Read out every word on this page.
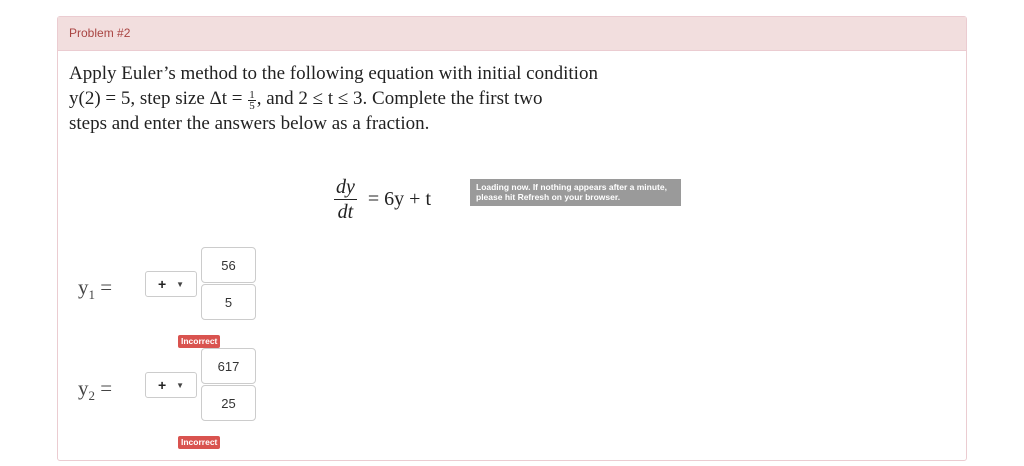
Problem #2
Apply Euler’s method to the following equation with initial condition
y(2) = 5, step size $\Delta t = \frac{1}{5}$ , and 2 ≤ t ≤ 3. Complete the first two
steps and enter the answers below as a fraction.
$\frac{dy}{dt} = 6y + t$
Loading now. If nothing appears after a minute,
please hit Refresh on your browser.
$y_1$ =	+ ▼
56
5
Incorrect
$y_2$ =	+ ▼
617
25
Incorrect
